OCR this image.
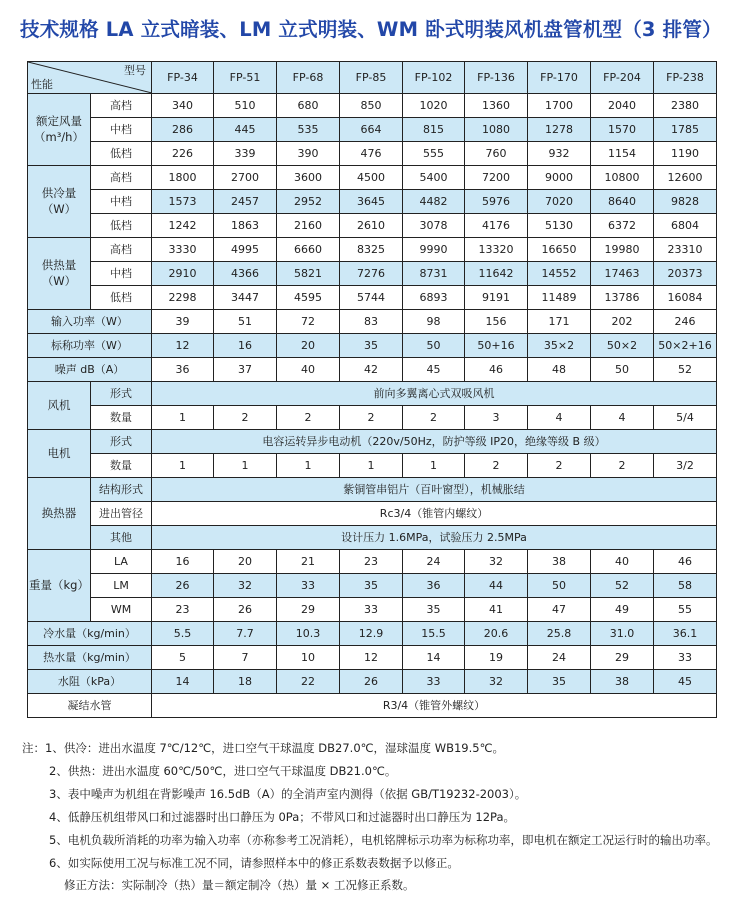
技术规格 LA 立式暗装、LM 立式明装、WM 卧式明装风机盘管机型（3 排管）
型号
性能		FP-34	FP-51	FP-68	FP-85	FP-102	FP-136	FP-170	FP-204	FP-238

额定风量
（m³/h）	高档	340	510	680	850	1020	1360	1700	2040	2380
	中档	286	445	535	664	815	1080	1278	1570	1785
	低档	226	339	390	476	555	760	932	1154	1190

供冷量
（W）	高档	1800	2700	3600	4500	5400	7200	9000	10800	12600
	中档	1573	2457	2952	3645	4482	5976	7020	8640	9828
	低档	1242	1863	2160	2610	3078	4176	5130	6372	6804

供热量
（W）	高档	3330	4995	6660	8325	9990	13320	16650	19980	23310
	中档	2910	4366	5821	7276	8731	11642	14552	17463	20373
	低档	2298	3447	4595	5744	6893	9191	11489	13786	16084
输入功率（W）		39	51	72	83	98	156	171	202	246
标称功率（W）		12	16	20	35	50	50+16	35×2	50×2	50×2+16
噪声 dB（A）		36	37	40	42	45	46	48	50	52
风机	形式	前向多翼离心式双吸风机								
	数量	1	2	2	2	2	3	4	4	5/4
电机	形式	电容运转异步电动机（220v/50Hz，防护等级 IP20，绝缘等级 B 级）								
	数量	1	1	1	1	1	2	2	2	3/2
换热器	结构形式	紫铜管串铝片（百叶窗型），机械胀结								
	进出管径	Rc3/4（锥管内螺纹）								
	其他	设计压力 1.6MPa，试验压力 2.5MPa								
重量（kg）	LA	16	20	21	23	24	32	38	40	46
	LM	26	32	33	35	36	44	50	52	58
	WM	23	26	29	33	35	41	47	49	55
冷水量（kg/min）		5.5	7.7	10.3	12.9	15.5	20.6	25.8	31.0	36.1
热水量（kg/min）		5	7	10	12	14	19	24	29	33
水阻（kPa）		14	18	22	26	33	32	35	38	45
凝结水管		R3/4（锥管外螺纹）								
注：1、供冷：进出水温度 7℃/12℃，进口空气干球温度 DB27.0℃，湿球温度 WB19.5℃。
2、供热：进出水温度 60℃/50℃，进口空气干球温度 DB21.0℃。
3、表中噪声为机组在背影噪声 16.5dB（A）的全消声室内测得（依据 GB/T19232-2003）。
4、低静压机组带风口和过滤器时出口静压为 0Pa；不带风口和过滤器时出口静压为 12Pa。
5、电机负载所消耗的功率为输入功率（亦称参考工况消耗），电机铭牌标示功率为标称功率，即电机在额定工况运行时的输出功率。
6、如实际使用工况与标准工况不同，请参照样本中的修正系数表数据予以修正。
修正方法：实际制冷（热）量＝额定制冷（热）量 × 工况修正系数。
